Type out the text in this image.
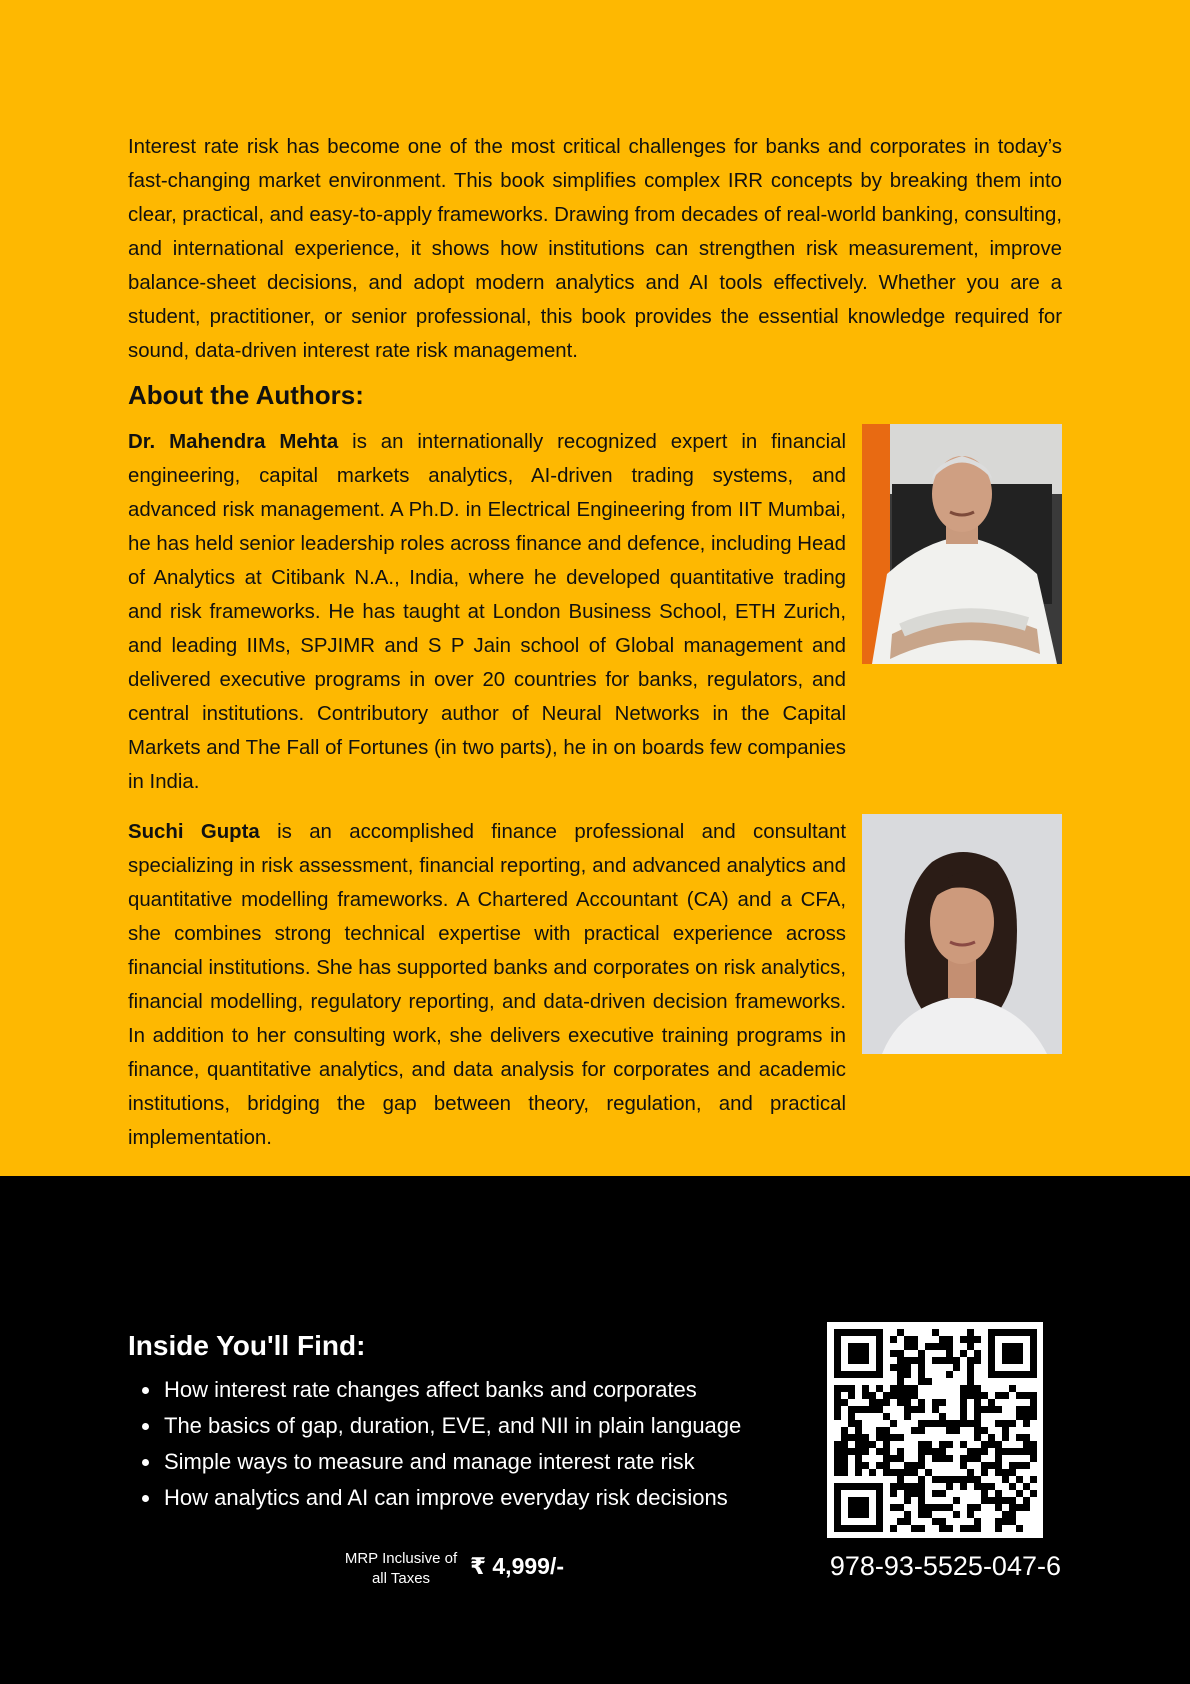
Interest rate risk has become one of the most critical challenges for banks and corporates in today’s fast-changing market environment. This book simplifies complex IRR concepts by breaking them into clear, practical, and easy-to-apply frameworks. Drawing from decades of real-world banking, consulting, and international experience, it shows how institutions can strengthen risk measurement, improve balance-sheet decisions, and adopt modern analytics and AI tools effectively. Whether you are a student, practitioner, or senior professional, this book provides the essential knowledge required for sound, data-driven interest rate risk management.

About the Authors:

Dr. Mahendra Mehta is an internationally recognized expert in financial engineering, capital markets analytics, AI-driven trading systems, and advanced risk management. A Ph.D. in Electrical Engineering from IIT Mumbai, he has held senior leadership roles across finance and defence, including Head of Analytics at Citibank N.A., India, where he developed quantitative trading and risk frameworks. He has taught at London Business School, ETH Zurich, and leading IIMs, SPJIMR and S P Jain school of Global management and delivered executive programs in over 20 countries for banks, regulators, and central institutions. Contributory author of Neural Networks in the Capital Markets and The Fall of Fortunes (in two parts), he in on boards few companies in India.

Suchi Gupta is an accomplished finance professional and consultant specializing in risk assessment, financial reporting, and advanced analytics and quantitative modelling frameworks. A Chartered Accountant (CA) and a CFA, she combines strong technical expertise with practical experience across financial institutions. She has supported banks and corporates on risk analytics, financial modelling, regulatory reporting, and data-driven decision frameworks. In addition to her consulting work, she delivers executive training programs in finance, quantitative analytics, and data analysis for corporates and academic institutions, bridging the gap between theory, regulation, and practical implementation.

Inside You'll Find:
How interest rate changes affect banks and corporates
The basics of gap, duration, EVE, and NII in plain language
Simple ways to measure and manage interest rate risk
How analytics and AI can improve everyday risk decisions
MRP Inclusive of
all Taxes	₹ 4,999/-	978-93-5525-047-6
